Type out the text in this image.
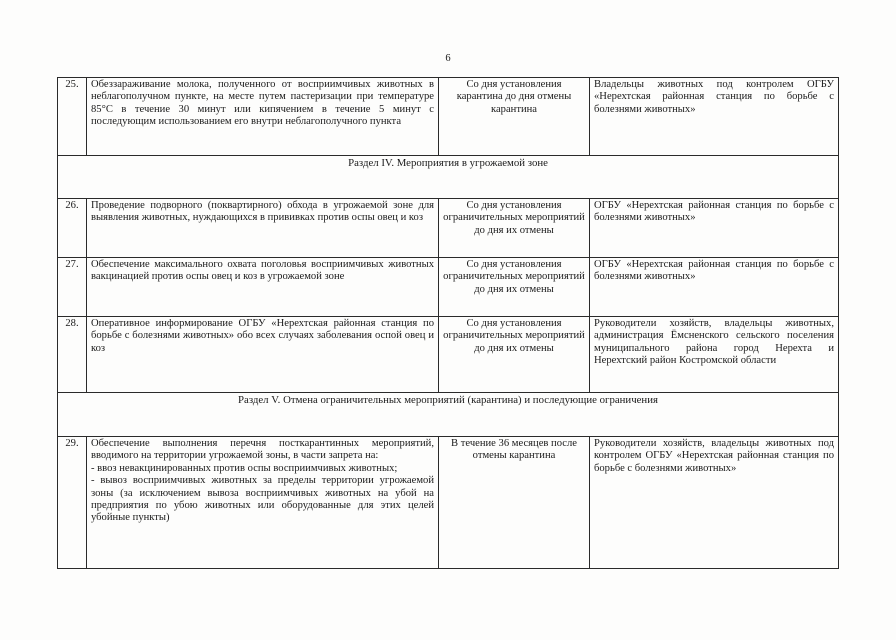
6
25.	Обеззараживание молока, полученного от восприимчивых животных в неблагополучном пункте, на месте путем пастеризации при температуре 85°С в течение 30 минут или кипячением в течение 5 минут с последующим использованием его внутри неблагополучного пункта	Со дня установления карантина до дня отмены карантина	Владельцы животных под контролем ОГБУ «Нерехтская районная станция по борьбе с болезнями животных»
Раздел IV. Мероприятия в угрожаемой зоне			
26.	Проведение подворного (поквартирного) обхода в угрожаемой зоне для выявления животных, нуждающихся в прививках против оспы овец и коз	Со дня установления ограничительных мероприятий до дня их отмены	ОГБУ «Нерехтская районная станция по борьбе с болезнями животных»
27.	Обеспечение максимального охвата поголовья восприимчивых животных вакцинацией против оспы овец и коз в угрожаемой зоне	Со дня установления ограничительных мероприятий до дня их отмены	ОГБУ «Нерехтская районная станция по борьбе с болезнями животных»
28.	Оперативное информирование ОГБУ «Нерехтская районная станция по борьбе с болезнями животных» обо всех случаях заболевания оспой овец и коз	Со дня установления ограничительных мероприятий до дня их отмены	Руководители хозяйств, владельцы животных, администрация Ёмсненского сельского поселения муниципального района город Нерехта и Нерехтский район Костромской области
Раздел V. Отмена ограничительных мероприятий (карантина) и последующие ограничения			
29.	Обеспечение выполнения перечня посткарантинных мероприятий, вводимого на территории угрожаемой зоны, в части запрета на:
- ввоз невакцинированных против оспы восприимчивых животных;
- вывоз восприимчивых животных за пределы территории угрожаемой зоны (за исключением вывоза восприимчивых животных на убой на предприятия по убою животных или оборудованные для этих целей убойные пункты)	В течение 36 месяцев после отмены карантина	Руководители хозяйств, владельцы животных под контролем ОГБУ «Нерехтская районная станция по борьбе с болезнями животных»
